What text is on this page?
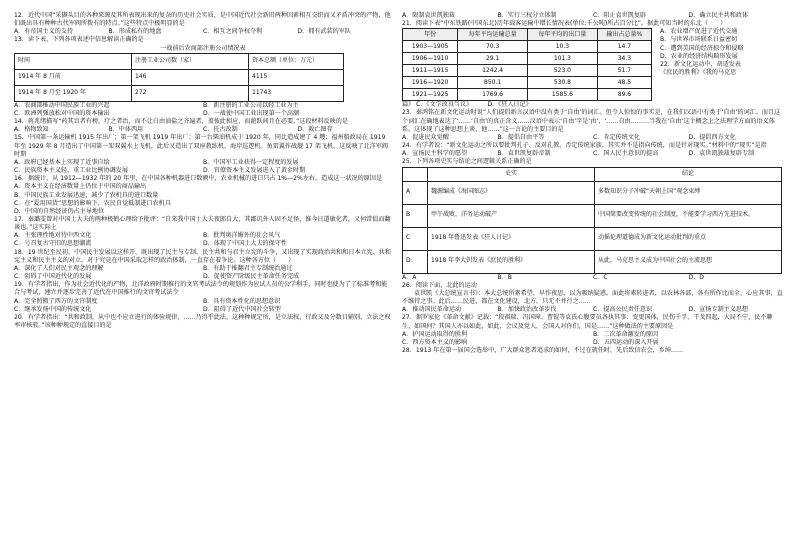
12．近代中国“采撷头目的各种来源及其所表现出来的复杂的历史社会实质，是中国近代社会新旧两种因素相互交织而又矛盾冲突的产物，他们既出具有种种古代军阀所拨有的特点。”这些特点中极明显的是

A．有帝国主义的支持	B．形成私有的地盘	C．相互之间争权夺利	D．拥有武装的军队

13．读下表，下列各项表述中信息解读正确的是

一战前后农商部注册公司情况表

时间	注册工业公司数（家）	资本总额（单位：万元）
1914 年 8 月前	146	4115
1914 年 8 月至 1920 年	272	11743
A．农商部推动中国民族工业的兴起	B．新注册的工业公司以轻工业为主
C．欧洲列强放松对中国的资本输出	D．一战使中国工业出现第一个高潮

14．蒋兆绪描写“药其盲者有榜，疗之者治，而不让白由油盐之齐遍者，盖彼此相应，而葩跃间且在必要。”这段材料反映的是

A．格物致知	B．中体西用	C．托古改制	D．救亡图存

15．中国第一条运输机 1915 年出厂；第一架飞机 1919 年出厂；第一台柴油机成于 1920 年，同比造成建了 4 艘；福州船政局在 1919 年至 1929 年 8 月造出了中国第一架双翼水上飞机，此后又造出了双座教练机、海岸巡逻机。鱼雷翼作战舰 17 架飞机。这反映了北洋军阀时期

A．政府已经基本上实现了近事自给	B．中国军工业获得一定程度的发展
C．民族资本主义轻、重工业比例协调发展	D．官僚资本主义发展进入了黄金时期

16．据统计，从 1912—1932 年的 20 年里，在中国各种机器进口数额中，农业机械的进口只占 1%—2%左右。造成这一状况的原因是

A．资本主义在经济数量上仍位于中国的商品输出
B．中国民族工业发展迅速，减少了农机具的进口数量
C．在“爱用国货”思想的影响下，农民自觉抵制进口农机具
D．中国的自然经济仍占主导地位

17．秦璐雯曾对中国士大夫的两种极鹤心理给予批评：“自来我中国士大夫夜郎自大，其鄙讥外人固不足怪，惟今日道敏化者，又何常值而翻谈也。”这实际上

A．主张理性地对待中西文化	B．批判奥洋媚外的社会风气
C．号召复古守旧的思想潮流	D．体现了中国士大夫的保守性

18．19 世纪至民初，中国民主发展以这样开，既出现了民主与专制、民主共和与君主立宪的斗争，又出现了实现政治共和和日本立宪、共和宪主义和民主主义的对立。对于究竟在中国采取怎样的政治体制，一直存在着争论。这种各方位（　　）

A．深化了人们对民主观念的理解	B．有助于推翻君主专制统治通过
C．阻碍了中国近代化的发展	D．促使资产阶级民主革命任务完成

19．有学者指出，作为社会近代化的产物，北洋政府时期推行的文官考试法令的规划作为应试人员的公学利手，同时也使为了了标准考和能合与考试，建立并逐步完善了近代在中国推行的文官考试法令

A．完全照搬了西方的文官制度	B．具有资本性化的思想意识
C．继承发扬中国的传统文化	D．阻碍了近代中国社会转型

20．有学者指出：“共和政制，从中也不应立进行的体验规律，……乃得乎此法，这种种规定所，是立法权，行政又及分数目辅别，立法之权率审核驳。”该种种规定的直接目的是

A．限制袁世凯独裁	B．实行三权分立体制	C．阻止袁世凯复辟	D．确立民主共和政体

21．阅读下表“中东铁路(中国东北)历年载客运输中增长情况表(单位:千公吨)所占百分比”。据此可知当时的东北（　　）

年份	每年平均运输总量	每年平均的出口量	输出占总量%
1903—1905	70.3	10.3	14.7
1906—1910	29.1	101.3	34.3
1911—1915	1242.4	523.0	51.7
1916—1920	850.1	530.8	48.5
1921—1925	1769.6	1585.6	89.6
A．农业增产促进了近代交通
B．与世界市场联系日益密切
C．遭到美国的经济掠夺和侵略
D．农业的经济结构畸形发展
22．新文化运动中，胡适发表
《庶民的胜利》《我的马克思

篇》 C．《文学改良刍议》　　　D．《狂人日记》

23．秦鸿铭在新文化运动时说“人们提倡新言汉语中没有类于‘自由’的词汇。但令人惊惊的事实是，在我们汉语中有类于‘自由’的词汇。而且这个词汇在确地表达了‘……‘自由’的真正含义……汉语中表示‘自由’字是‘由’，‘……自由………当我在‘自由’这个概念上之法理学方面的语义体系。这体现了这种思想上谈，他……”这一言论的主要目的是

A．促进民众觉醒	B．提倡自由平等	C．肯定传统文化	D．提倡西方文化

24．有学者说：“新文化运动之所以要批判孔子、反对孔教、否定传统家族，其实并不是指向传统，而是针对现实。”材料中的“现实”是指

A．宣扬民主科学的愿望	B．袁世凯复辟帝制	C．国人民主意识的提高	D．袁世凯独裁复辟专制

25．下列各项史实与结论之间逻辑关系正确的是

	史实	结论
A	魏源编成《海国图志》	多数知识分子冲破“天朝上国”观念束缚
B	甲午战败，洋务运动破产	中国简要改变传统的社会制度，不能要学习西方先进技术。
C	1918 年鲁迅发表《狂人日记》	动摇伦理道德成为新文化运动批判的重点
D	1918 年李大钊发表《庶民的胜利》	从此，马克思主义成为中国社会的主流思想
A．A	B．B	C．C	D．D

26．阅读下面，北此的运动

袁世凯《大总统宣言书》：本大总统所素希望，早作夜思，以为吸纳疑惑。面此将素转进者，以农林各部，各有所作比而全，心应其事，直不维持之事。此后……民进，都在文化建设，北方，只无不并行之……

A．推动国民革命运动	B．加快政治改革步伐	C．提高公民责任意识	D．宣扬专制主义思想

27．据罗家伦《革命文献》记载：“段祺瑞、冯国璋、曹锟等袁氏心腹要员各执其事：变更国体，民伤千孚，干戈四起，大局不宁，民不聊生，如国何？其国人亦以如此，如此，会议及党人，会国人对你们，国是……”这种做法的主要原因是

A．护国运动取得的胜利	B．二次革命激发的原因
C．西方资本主义的影响	D．五四运动的深入开展

28．1913 年在第一届国会选举中，广大群众惩者追求的如何，不过在就任时，先后致信农会，乡绅……
